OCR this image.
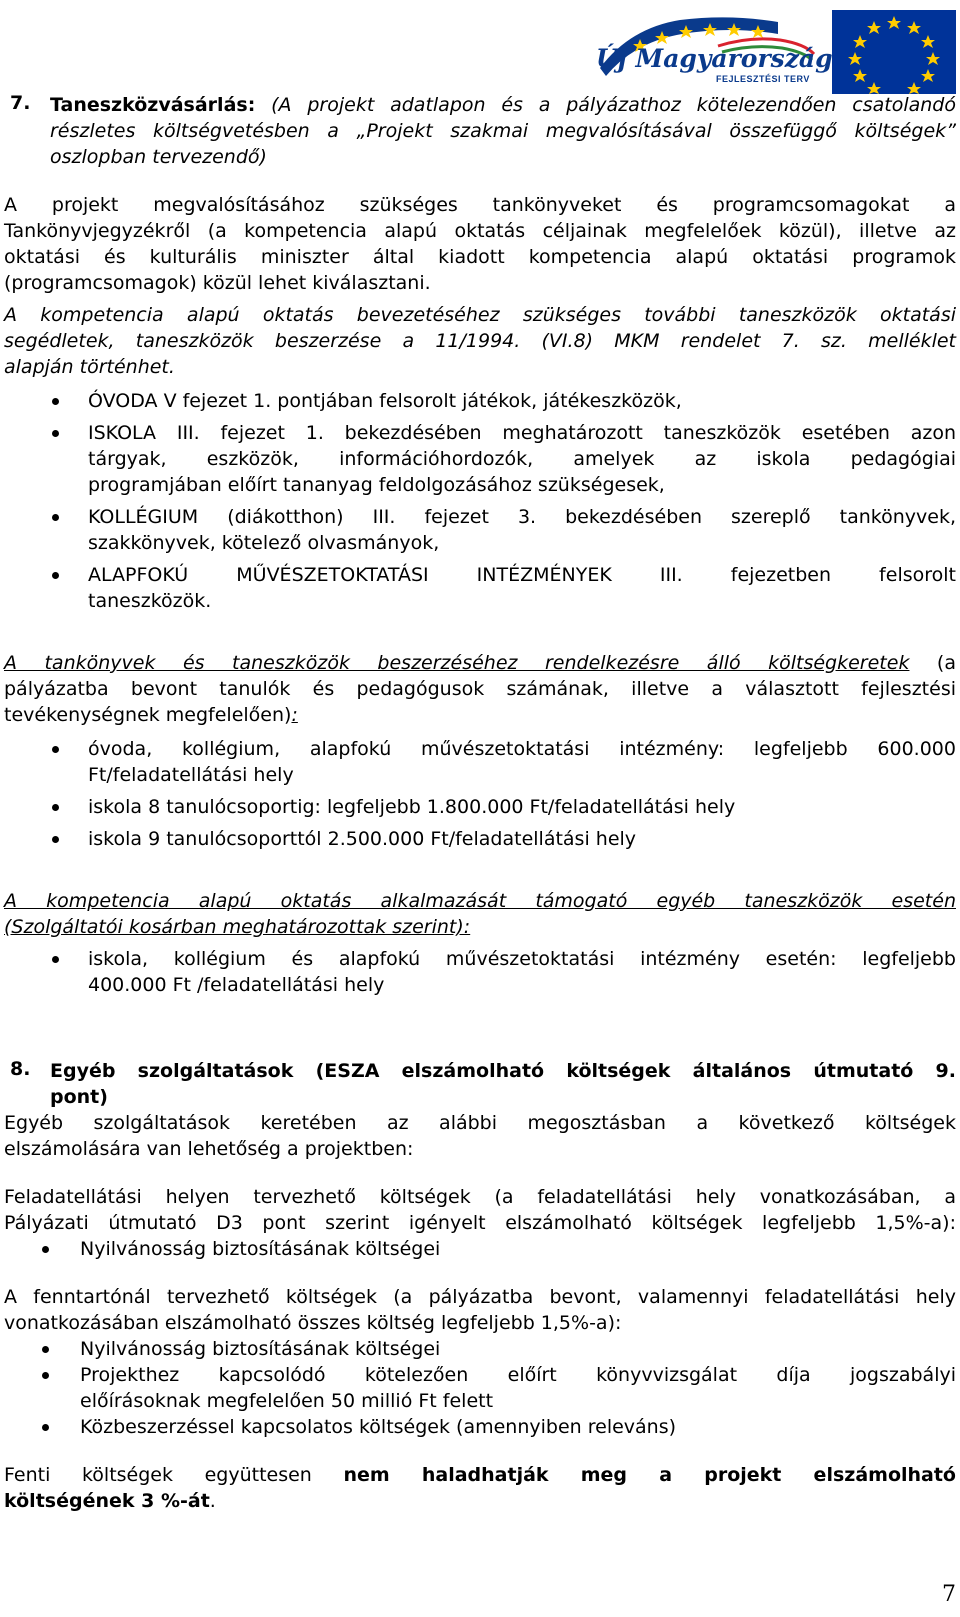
Új Magyarország
FEJLESZTÉSI TERV
7.	Taneszközvásárlás: (A projekt adatlapon és a pályázathoz kötelezendően csatolandó

részletes költségvetésben a „Projekt szakmai megvalósításával összefüggő költségek”

oszlopban tervezendő)

A projekt megvalósításához szükséges tankönyveket és programcsomagokat a

Tankönyvjegyzékről (a kompetencia alapú oktatás céljainak megfelelőek közül), illetve az

oktatási és kulturális miniszter által kiadott kompetencia alapú oktatási programok

(programcsomagok) közül lehet kiválasztani.

A kompetencia alapú oktatás bevezetéséhez szükséges további taneszközök oktatási

segédletek, taneszközök beszerzése a 11/1994. (VI.8) MKM rendelet 7. sz. melléklet

alapján történhet.

ÓVODA V fejezet 1. pontjában felsorolt játékok, játékeszközök,
ISKOLA III. fejezet 1. bekezdésében meghatározott taneszközök esetében azon
tárgyak, eszközök, információhordozók, amelyek az iskola pedagógiai
programjában előírt tananyag feldolgozásához szükségesek,
KOLLÉGIUM (diákotthon) III. fejezet 3. bekezdésében szereplő tankönyvek,
szakkönyvek, kötelező olvasmányok,
ALAPFOKÚ MŰVÉSZETOKTATÁSI INTÉZMÉNYEK III. fejezetben felsorolt
taneszközök.

A tankönyvek és taneszközök beszerzéséhez rendelkezésre álló költségkeretek (a

pályázatba bevont tanulók és pedagógusok számának, illetve a választott fejlesztési

tevékenységnek megfelelően):

óvoda, kollégium, alapfokú művészetoktatási intézmény: legfeljebb 600.000
Ft/feladatellátási hely
iskola 8 tanulócsoportig: legfeljebb 1.800.000 Ft/feladatellátási hely
iskola 9 tanulócsoporttól 2.500.000 Ft/feladatellátási hely

A kompetencia alapú oktatás alkalmazását támogató egyéb taneszközök esetén

(Szolgáltatói kosárban meghatározottak szerint):

iskola, kollégium és alapfokú művészetoktatási intézmény esetén: legfeljebb
400.000 Ft /feladatellátási hely
8.	Egyéb szolgáltatások (ESZA elszámolható költségek általános útmutató 9.

pont)

Egyéb szolgáltatások keretében az alábbi megosztásban a következő költségek

elszámolására van lehetőség a projektben:

Feladatellátási helyen tervezhető költségek (a feladatellátási hely vonatkozásában, a

Pályázati útmutató D3 pont szerint igényelt elszámolható költségek legfeljebb 1,5%-a):

Nyilvánosság biztosításának költségei

A fenntartónál tervezhető költségek (a pályázatba bevont, valamennyi feladatellátási hely

vonatkozásában elszámolható összes költség legfeljebb 1,5%-a):

Nyilvánosság biztosításának költségei
Projekthez kapcsolódó kötelezően előírt könyvvizsgálat díja jogszabályi
előírásoknak megfelelően 50 millió Ft felett
Közbeszerzéssel kapcsolatos költségek (amennyiben releváns)

Fenti költségek együttesen nem haladhatják meg a projekt elszámolható

költségének 3 %-át.

7
